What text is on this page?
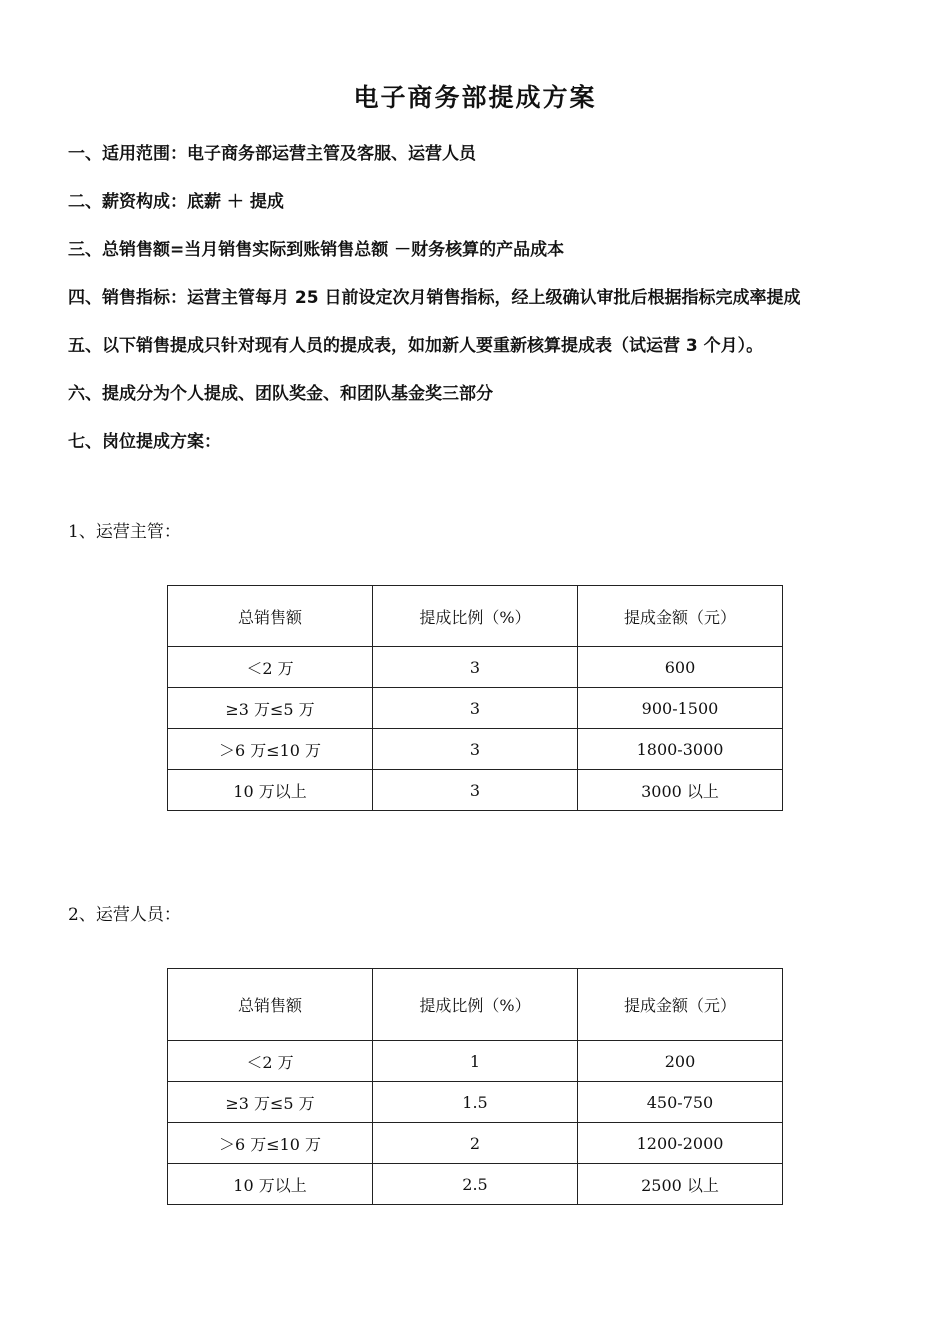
电子商务部提成方案
一、适用范围：电子商务部运营主管及客服、运营人员
二、薪资构成：底薪 ＋ 提成
三、总销售额=当月销售实际到账销售总额 －财务核算的产品成本
四、销售指标：运营主管每月 25 日前设定次月销售指标，经上级确认审批后根据指标完成率提成
五、以下销售提成只针对现有人员的提成表，如加新人要重新核算提成表（试运营 3 个月）。
六、提成分为个人提成、团队奖金、和团队基金奖三部分
七、岗位提成方案：
1、运营主管：
总销售额	提成比例（%）	提成金额（元）
＜2 万	3	600
≥3 万≤5 万	3	900-1500
＞6 万≤10 万	3	1800-3000
10 万以上	3	3000 以上
2、运营人员：
总销售额	提成比例（%）	提成金额（元）
＜2 万	1	200
≥3 万≤5 万	1.5	450-750
＞6 万≤10 万	2	1200-2000
10 万以上	2.5	2500 以上
